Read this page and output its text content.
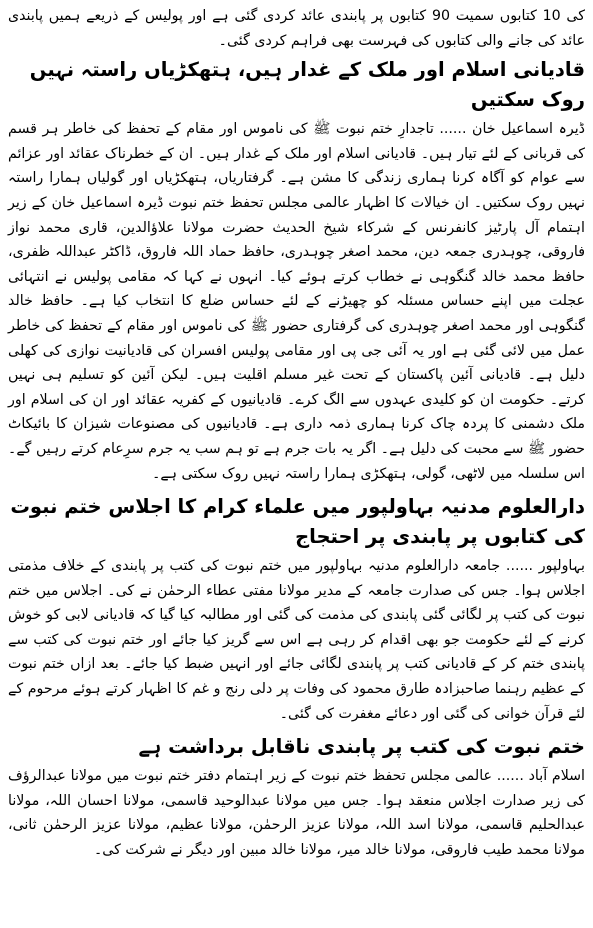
کی 10 کتابوں سمیت 90 کتابوں پر پابندی عائد کردی گئی ہے اور پولیس کے ذریعے ہمیں پابندی عائد کی جانے والی کتابوں کی فہرست بھی فراہم کردی گئی۔

قادیانی اسلام اور ملک کے غدار ہیں، ہتھکڑیاں راستہ نہیں روک سکتیں

ڈیرہ اسماعیل خان ...... تاجدارِ ختم نبوت ﷺ کی ناموس اور مقام کے تحفظ کی خاطر ہر قسم کی قربانی کے لئے تیار ہیں۔ قادیانی اسلام اور ملک کے غدار ہیں۔ ان کے خطرناک عقائد اور عزائم سے عوام کو آگاہ کرنا ہماری زندگی کا مشن ہے۔ گرفتاریاں، ہتھکڑیاں اور گولیاں ہمارا راستہ نہیں روک سکتیں۔ ان خیالات کا اظہار عالمی مجلس تحفظ ختم نبوت ڈیرہ اسماعیل خان کے زیر اہتمام آل پارٹیز کانفرنس کے شرکاء شیخ الحدیث حضرت مولانا علاؤالدین، قاری محمد نواز فاروقی، چوہدری جمعہ دین، محمد اصغر چوہدری، حافظ حماد اللہ فاروق، ڈاکٹر عبداللہ ظفری، حافظ محمد خالد گنگوہی نے خطاب کرتے ہوئے کیا۔ انہوں نے کہا کہ مقامی پولیس نے انتہائی عجلت میں اپنے حساس مسئلہ کو چھیڑنے کے لئے حساس ضلع کا انتخاب کیا ہے۔ حافظ خالد گنگوہی اور محمد اصغر چوہدری کی گرفتاری حضور ﷺ کی ناموس اور مقام کے تحفظ کی خاطر عمل میں لائی گئی ہے اور یہ آئی جی پی اور مقامی پولیس افسران کی قادیانیت نوازی کی کھلی دلیل ہے۔ قادیانی آئین پاکستان کے تحت غیر مسلم اقلیت ہیں۔ لیکن آئین کو تسلیم ہی نہیں کرتے۔ حکومت ان کو کلیدی عہدوں سے الگ کرے۔ قادیانیوں کے کفریہ عقائد اور ان کی اسلام اور ملک دشمنی کا پردہ چاک کرنا ہماری ذمہ داری ہے۔ قادیانیوں کی مصنوعات شیزان کا بائیکاٹ حضور ﷺ سے محبت کی دلیل ہے۔ اگر یہ بات جرم ہے تو ہم سب یہ جرم سرِعام کرتے رہیں گے۔ اس سلسلہ میں لاٹھی، گولی، ہتھکڑی ہمارا راستہ نہیں روک سکتی ہے۔

دارالعلوم مدنیہ بہاولپور میں علماء کرام کا اجلاس ختم نبوت کی کتابوں پر پابندی پر احتجاج

بہاولپور ...... جامعہ دارالعلوم مدنیہ بہاولپور میں ختم نبوت کی کتب پر پابندی کے خلاف مذمتی اجلاس ہوا۔ جس کی صدارت جامعہ کے مدیر مولانا مفتی عطاء الرحمٰن نے کی۔ اجلاس میں ختم نبوت کی کتب پر لگائی گئی پابندی کی مذمت کی گئی اور مطالبہ کیا گیا کہ قادیانی لابی کو خوش کرنے کے لئے حکومت جو بھی اقدام کر رہی ہے اس سے گریز کیا جائے اور ختم نبوت کی کتب سے پابندی ختم کر کے قادیانی کتب پر پابندی لگائی جائے اور انہیں ضبط کیا جائے۔ بعد ازاں ختم نبوت کے عظیم رہنما صاحبزادہ طارق محمود کی وفات پر دلی رنج و غم کا اظہار کرتے ہوئے مرحوم کے لئے قرآن خوانی کی گئی اور دعائے مغفرت کی گئی۔

ختم نبوت کی کتب پر پابندی ناقابل برداشت ہے

اسلام آباد ...... عالمی مجلس تحفظ ختم نبوت کے زیر اہتمام دفتر ختم نبوت میں مولانا عبدالرؤف کی زیر صدارت اجلاس منعقد ہوا۔ جس میں مولانا عبدالوحید قاسمی، مولانا احسان اللہ، مولانا عبدالحلیم قاسمی، مولانا اسد اللہ، مولانا عزیز الرحمٰن، مولانا عظیم، مولانا عزیز الرحمٰن ثانی، مولانا محمد طیب فاروقی، مولانا خالد میر، مولانا خالد مبین اور دیگر نے شرکت کی۔
